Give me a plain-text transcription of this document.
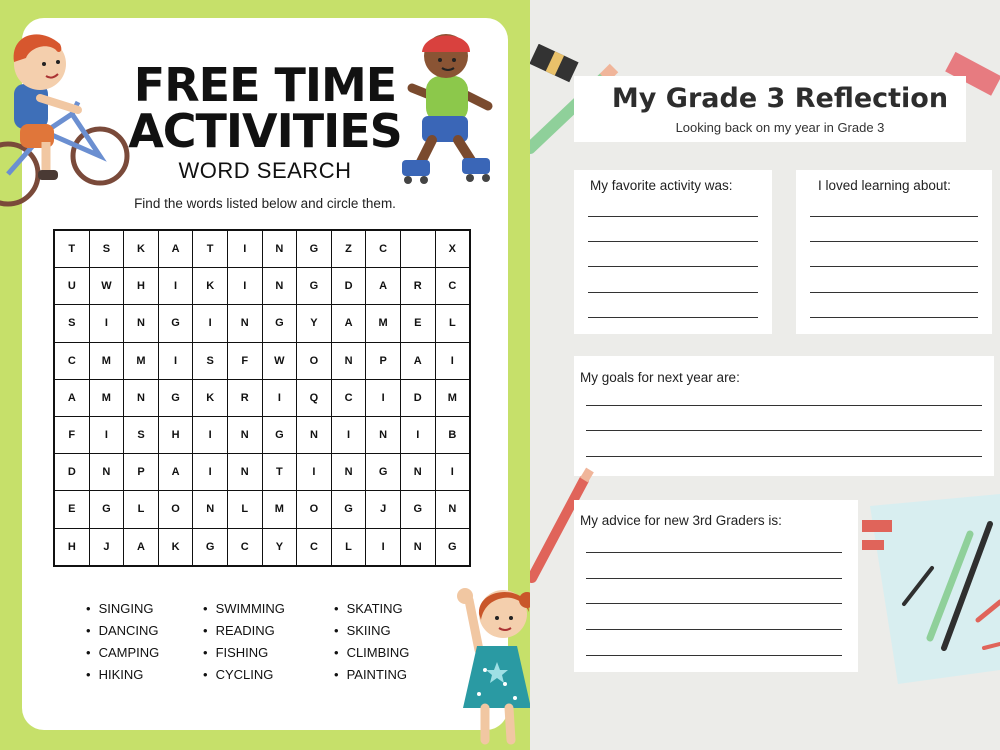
FREE TIME
ACTIVITIES
WORD SEARCH
Find the words listed below and circle them.
T	S	K	A	T	I	N	G	Z	C		X
U	W	H	I	K	I	N	G	D	A	R	C
S	I	N	G	I	N	G	Y	A	M	E	L
C	M	M	I	S	F	W	O	N	P	A	I
A	M	N	G	K	R	I	Q	C	I	D	M
F	I	S	H	I	N	G	N	I	N	I	B
D	N	P	A	I	N	T	I	N	G	N	I
E	G	L	O	N	L	M	O	G	J	G	N
H	J	A	K	G	C	Y	C	L	I	N	G
• SINGING	• SWIMMING	• SKATING
• DANCING	• READING	• SKIING
• CAMPING	• FISHING	• CLIMBING
• HIKING	• CYCLING	• PAINTING
My Grade 3 Reflection
Looking back on my year in Grade 3
My favorite activity was:	I loved learning about:
My goals for next year are:
My advice for new 3rd Graders is:
